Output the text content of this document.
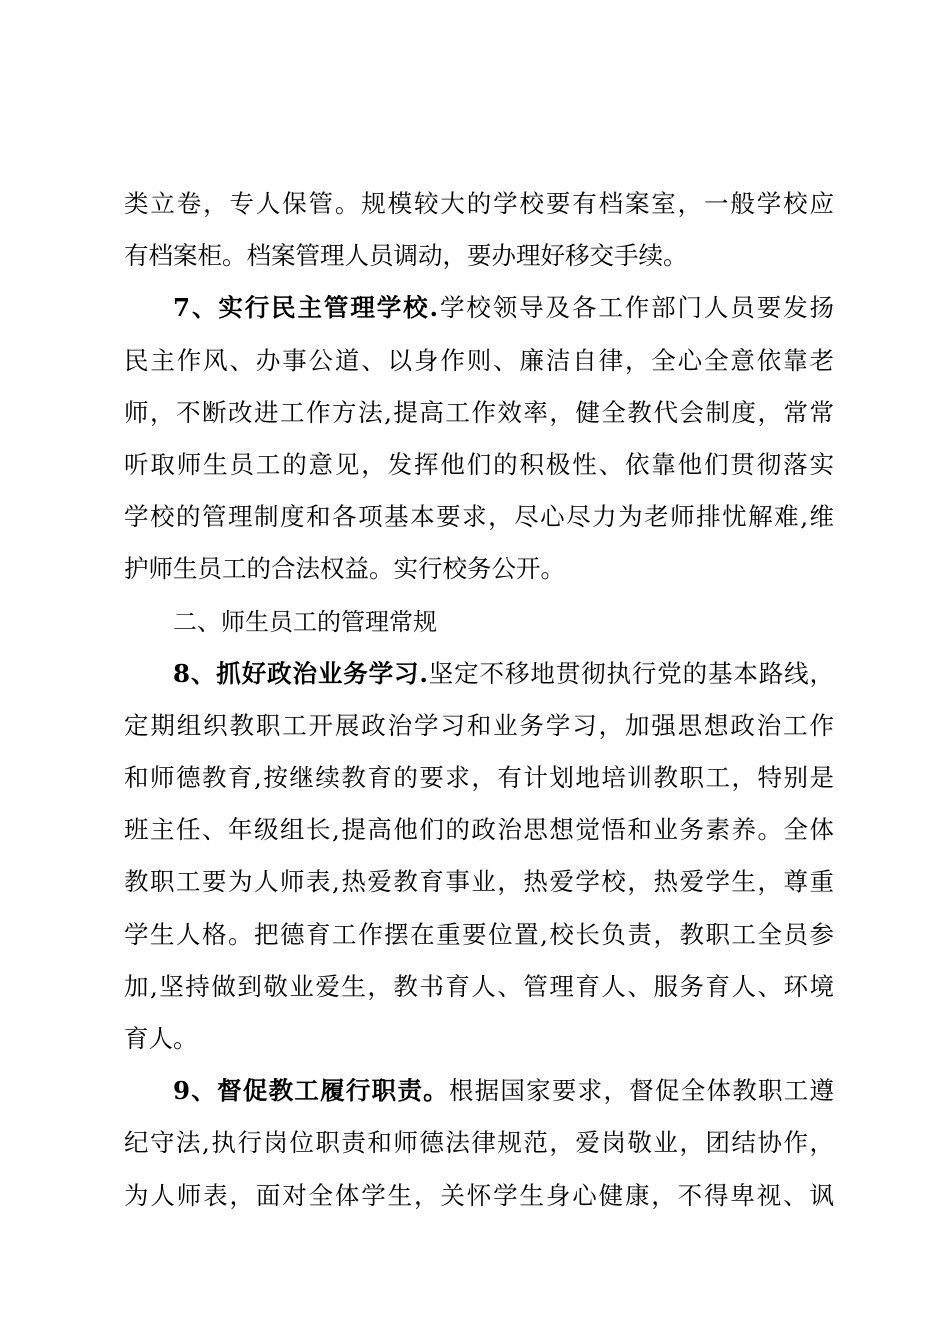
类立卷，专人保管。规模较大的学校要有档案室，一般学校应
有档案柜。档案管理人员调动，要办理好移交手续。
7、实行民主管理学校.学校领导及各工作部门人员要发扬
民主作风、办事公道、以身作则、廉洁自律，全心全意依靠老
师，不断改进工作方法,提高工作效率，健全教代会制度，常常
听取师生员工的意见，发挥他们的积极性、依靠他们贯彻落实
学校的管理制度和各项基本要求，尽心尽力为老师排忧解难,维
护师生员工的合法权益。实行校务公开。
二、师生员工的管理常规
8、抓好政治业务学习.坚定不移地贯彻执行党的基本路线，
定期组织教职工开展政治学习和业务学习，加强思想政治工作
和师德教育,按继续教育的要求，有计划地培训教职工，特别是
班主任、年级组长,提高他们的政治思想觉悟和业务素养。全体
教职工要为人师表,热爱教育事业，热爱学校，热爱学生，尊重
学生人格。把德育工作摆在重要位置,校长负责，教职工全员参
加,坚持做到敬业爱生，教书育人、管理育人、服务育人、环境
育人。
9、督促教工履行职责。根据国家要求，督促全体教职工遵
纪守法,执行岗位职责和师德法律规范，爱岗敬业，团结协作，
为人师表，面对全体学生，关怀学生身心健康，不得卑视、讽
